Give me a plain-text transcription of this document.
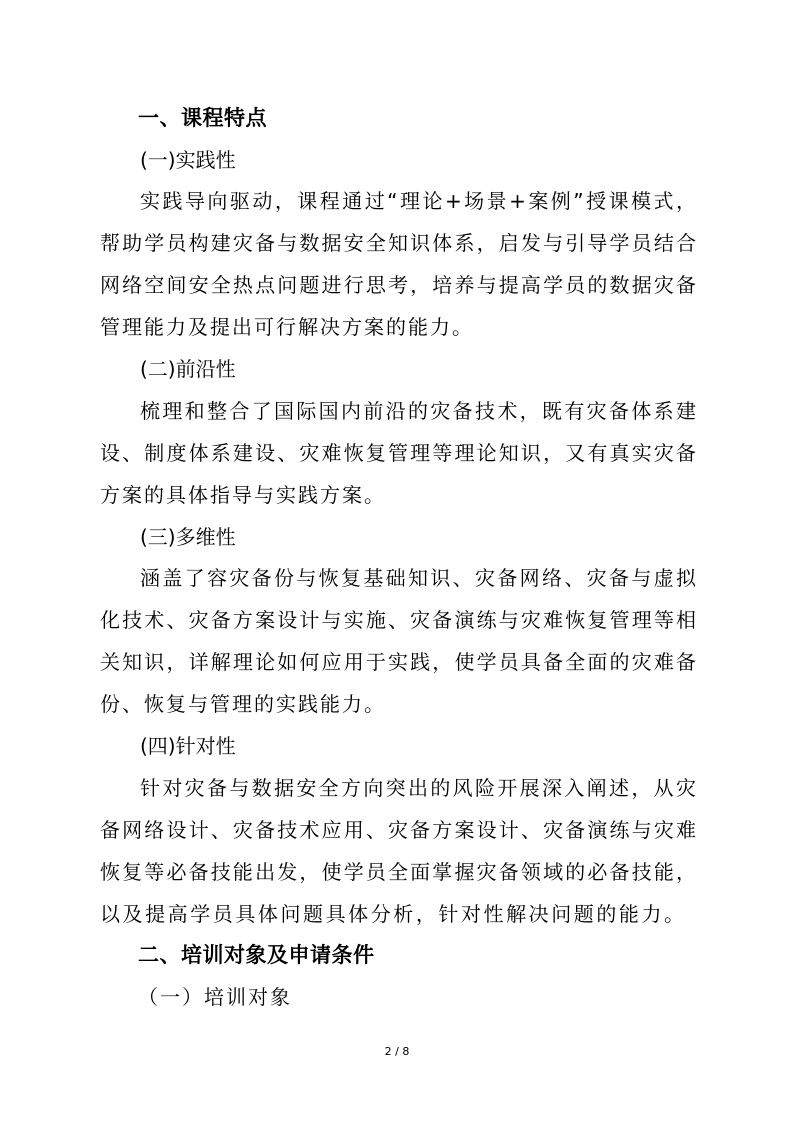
一、课程特点
(一)实践性
实践导向驱动，课程通过“理论+场景+案例”授课模式，
帮助学员构建灾备与数据安全知识体系，启发与引导学员结合
网络空间安全热点问题进行思考，培养与提高学员的数据灾备
管理能力及提出可行解决方案的能力。
(二)前沿性
梳理和整合了国际国内前沿的灾备技术，既有灾备体系建
设、制度体系建设、灾难恢复管理等理论知识，又有真实灾备
方案的具体指导与实践方案。
(三)多维性
涵盖了容灾备份与恢复基础知识、灾备网络、灾备与虚拟
化技术、灾备方案设计与实施、灾备演练与灾难恢复管理等相
关知识，详解理论如何应用于实践，使学员具备全面的灾难备
份、恢复与管理的实践能力。
(四)针对性
针对灾备与数据安全方向突出的风险开展深入阐述，从灾
备网络设计、灾备技术应用、灾备方案设计、灾备演练与灾难
恢复等必备技能出发，使学员全面掌握灾备领域的必备技能，
以及提高学员具体问题具体分析，针对性解决问题的能力。
二、培训对象及申请条件
（一）培训对象
2 / 8
